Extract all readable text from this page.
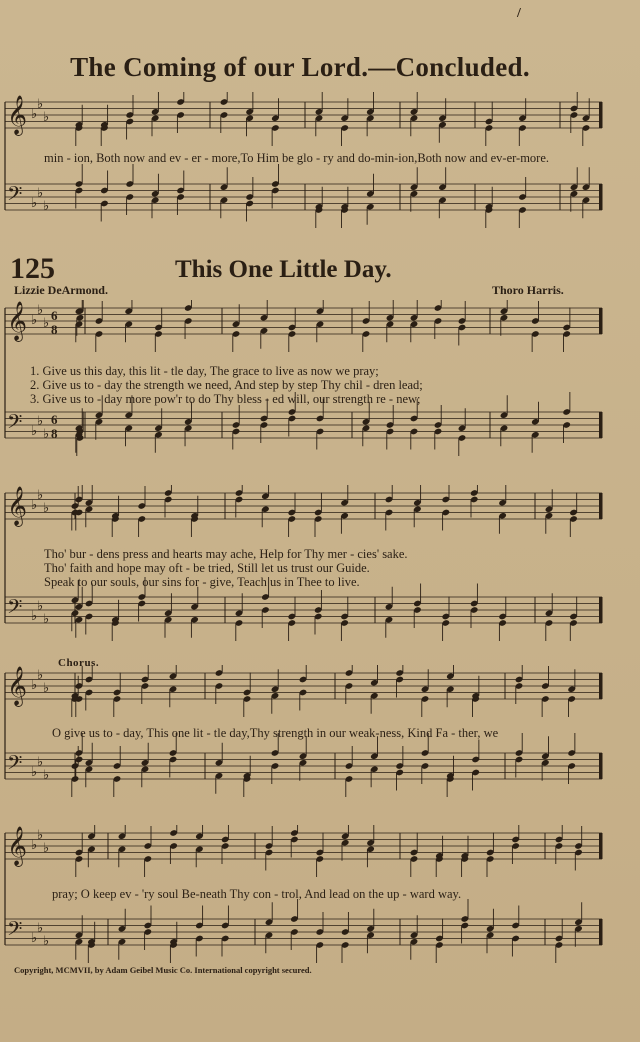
/
The Coming of our Lord.—Concluded.
𝄞 ♭
♭
♭
𝄢 ♭
♭
♭
min - ion, Both now and ev - er - more,To Him be glo - ry and do-min-ion,Both now and ev-er-more.
125	This One Little Day.
Lizzie DeArmond.	Thoro Harris.
𝄞 ♭
♭
♭ 6
8
𝄢 ♭
♭
♭
6
8
1. Give us this day, this lit - tle day, The grace to live as now we pray;
2. Give us to - day the strength we need, And step by step Thy chil - dren lead;
3. Give us to - day more pow'r to do Thy bless - ed will, our strength re - new;
𝄞 ♭
♭
♭
𝄢 ♭
♭
♭
Tho' bur - dens press and hearts may ache, Help for Thy mer - cies' sake.
Tho' faith and hope may oft - be tried, Still let us trust our Guide.
Speak to our souls, our sins for - give, Teach us in Thee to live.
Chorus.
𝄞 ♭
♭
♭
𝄢 ♭
♭
♭
O give us to - day, This one lit - tle day,Thy strength in our weak-ness, Kind Fa - ther, we
𝄞 ♭
♭
♭
𝄢 ♭
♭
♭
pray; O keep ev - 'ry soul Be-neath Thy con - trol, And lead on the up - ward way.
Copyright, MCMVII, by Adam Geibel Music Co. International copyright secured.
